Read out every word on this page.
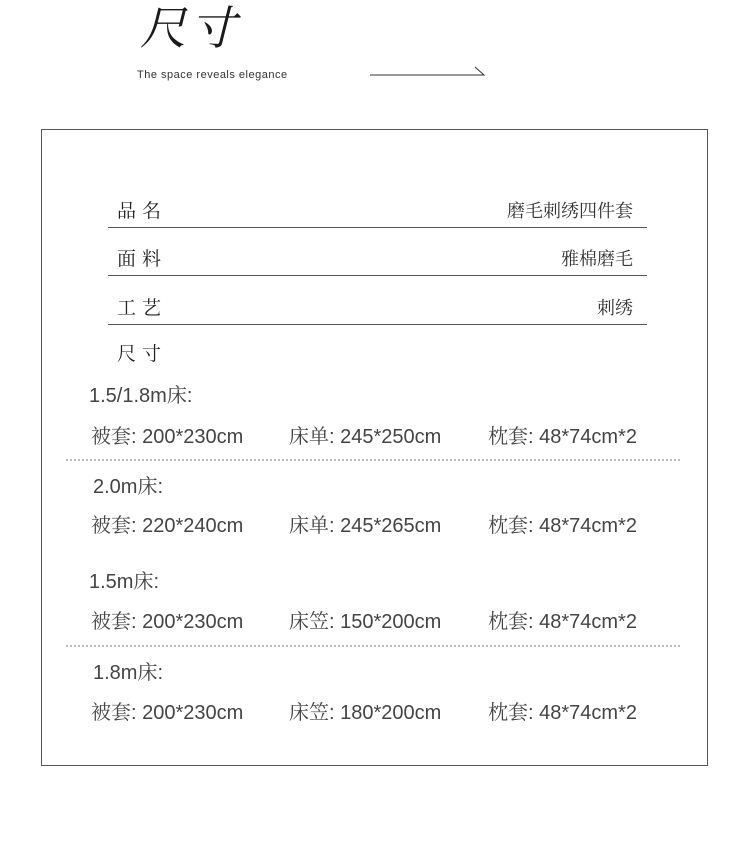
尺寸
The space reveals elegance
品 名	磨毛刺绣四件套
面 料	雅棉磨毛
工 艺	刺绣
尺 寸
1.5/1.8m床:
被套: 200*230cm 床单: 245*250cm 枕套: 48*74cm*2
2.0m床:
被套: 220*240cm 床单: 245*265cm 枕套: 48*74cm*2
1.5m床:
被套: 200*230cm 床笠: 150*200cm 枕套: 48*74cm*2
1.8m床:
被套: 200*230cm 床笠: 180*200cm 枕套: 48*74cm*2
